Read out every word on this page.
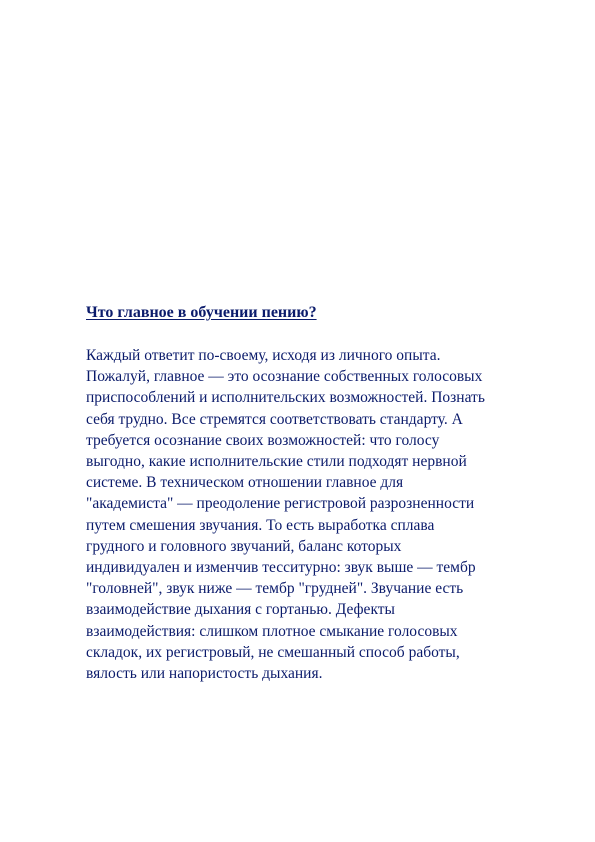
Что главное в обучении пению?
Каждый ответит по-своему, исходя из личного опыта.
Пожалуй, главное — это осознание собственных голосовых
приспособлений и исполнительских возможностей. Познать
себя трудно. Все стремятся соответствовать стандарту. А
требуется осознание своих возможностей: что голосу
выгодно, какие исполнительские стили подходят нервной
системе. В техническом отношении главное для
"академиста" — преодоление регистровой разрозненности
путем смешения звучания. То есть выработка сплава
грудного и головного звучаний, баланс которых
индивидуален и изменчив тесситурно: звук выше — тембр
"головней", звук ниже — тембр "грудней". Звучание есть
взаимодействие дыхания с гортанью. Дефекты
взаимодействия: слишком плотное смыкание голосовых
складок, их регистровый, не смешанный способ работы,
вялость или напористость дыхания.
